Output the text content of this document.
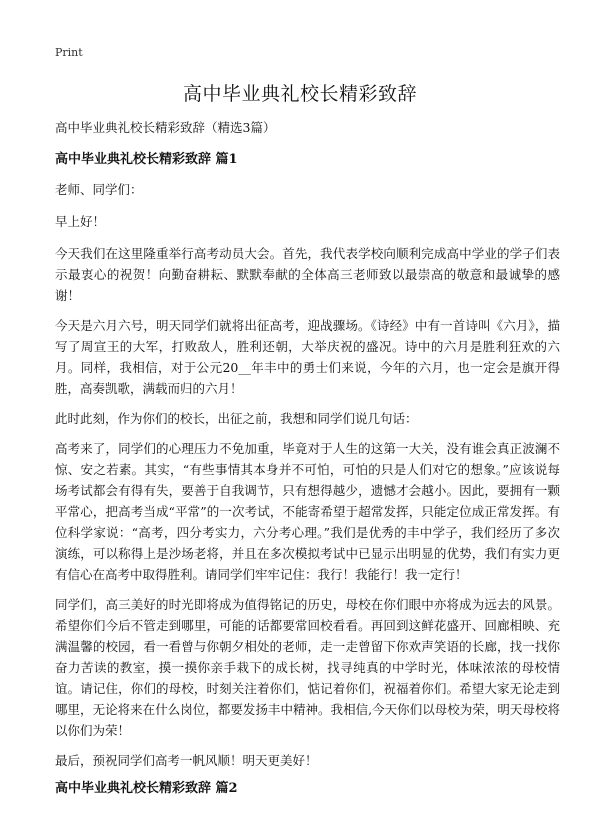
Print
高中毕业典礼校长精彩致辞

高中毕业典礼校长精彩致辞（精选3篇）

高中毕业典礼校长精彩致辞 篇1

老师、同学们：

早上好！

今天我们在这里隆重举行高考动员大会。首先，我代表学校向顺利完成高中学业的学子们表示最衷心的祝贺！向勤奋耕耘、默默奉献的全体高三老师致以最崇高的敬意和最诚挚的感谢！

今天是六月六号，明天同学们就将出征高考，迎战骤场。《诗经》中有一首诗叫《六月》，描写了周宣王的大军，打败敌人，胜利还朝，大举庆祝的盛况。诗中的六月是胜利狂欢的六月。同样，我相信，对于公元20__年丰中的勇士们来说，今年的六月，也一定会是旗开得胜，高奏凯歌，满载而归的六月！

此时此刻，作为你们的校长，出征之前，我想和同学们说几句话：

高考来了，同学们的心理压力不免加重，毕竟对于人生的这第一大关，没有谁会真正波澜不惊、安之若素。其实，“有些事情其本身并不可怕，可怕的只是人们对它的想象。”应该说每场考试都会有得有失，要善于自我调节，只有想得越少，遗憾才会越小。因此，要拥有一颗平常心，把高考当成“平常”的一次考试，不能寄希望于超常发挥，只能定位成正常发挥。有位科学家说：“高考，四分考实力，六分考心理。”我们是优秀的丰中学子，我们经历了多次演练，可以称得上是沙场老将，并且在多次模拟考试中已显示出明显的优势，我们有实力更有信心在高考中取得胜利。请同学们牢牢记住：我行！我能行！我一定行！

同学们，高三美好的时光即将成为值得铭记的历史，母校在你们眼中亦将成为远去的风景。希望你们今后不管走到哪里，可能的话都要常回校看看。再回到这鲜花盛开、回廊相映、充满温馨的校园，看一看曾与你朝夕相处的老师，走一走曾留下你欢声笑语的长廊，找一找你奋力苦读的教室，摸一摸你亲手栽下的成长树，找寻纯真的中学时光，体味浓浓的母校情谊。请记住，你们的母校，时刻关注着你们，惦记着你们，祝福着你们。希望大家无论走到哪里，无论将来在什么岗位，都要发扬丰中精神。我相信,今天你们以母校为荣，明天母校将以你们为荣！

最后，预祝同学们高考一帆风顺！明天更美好！

高中毕业典礼校长精彩致辞 篇2
